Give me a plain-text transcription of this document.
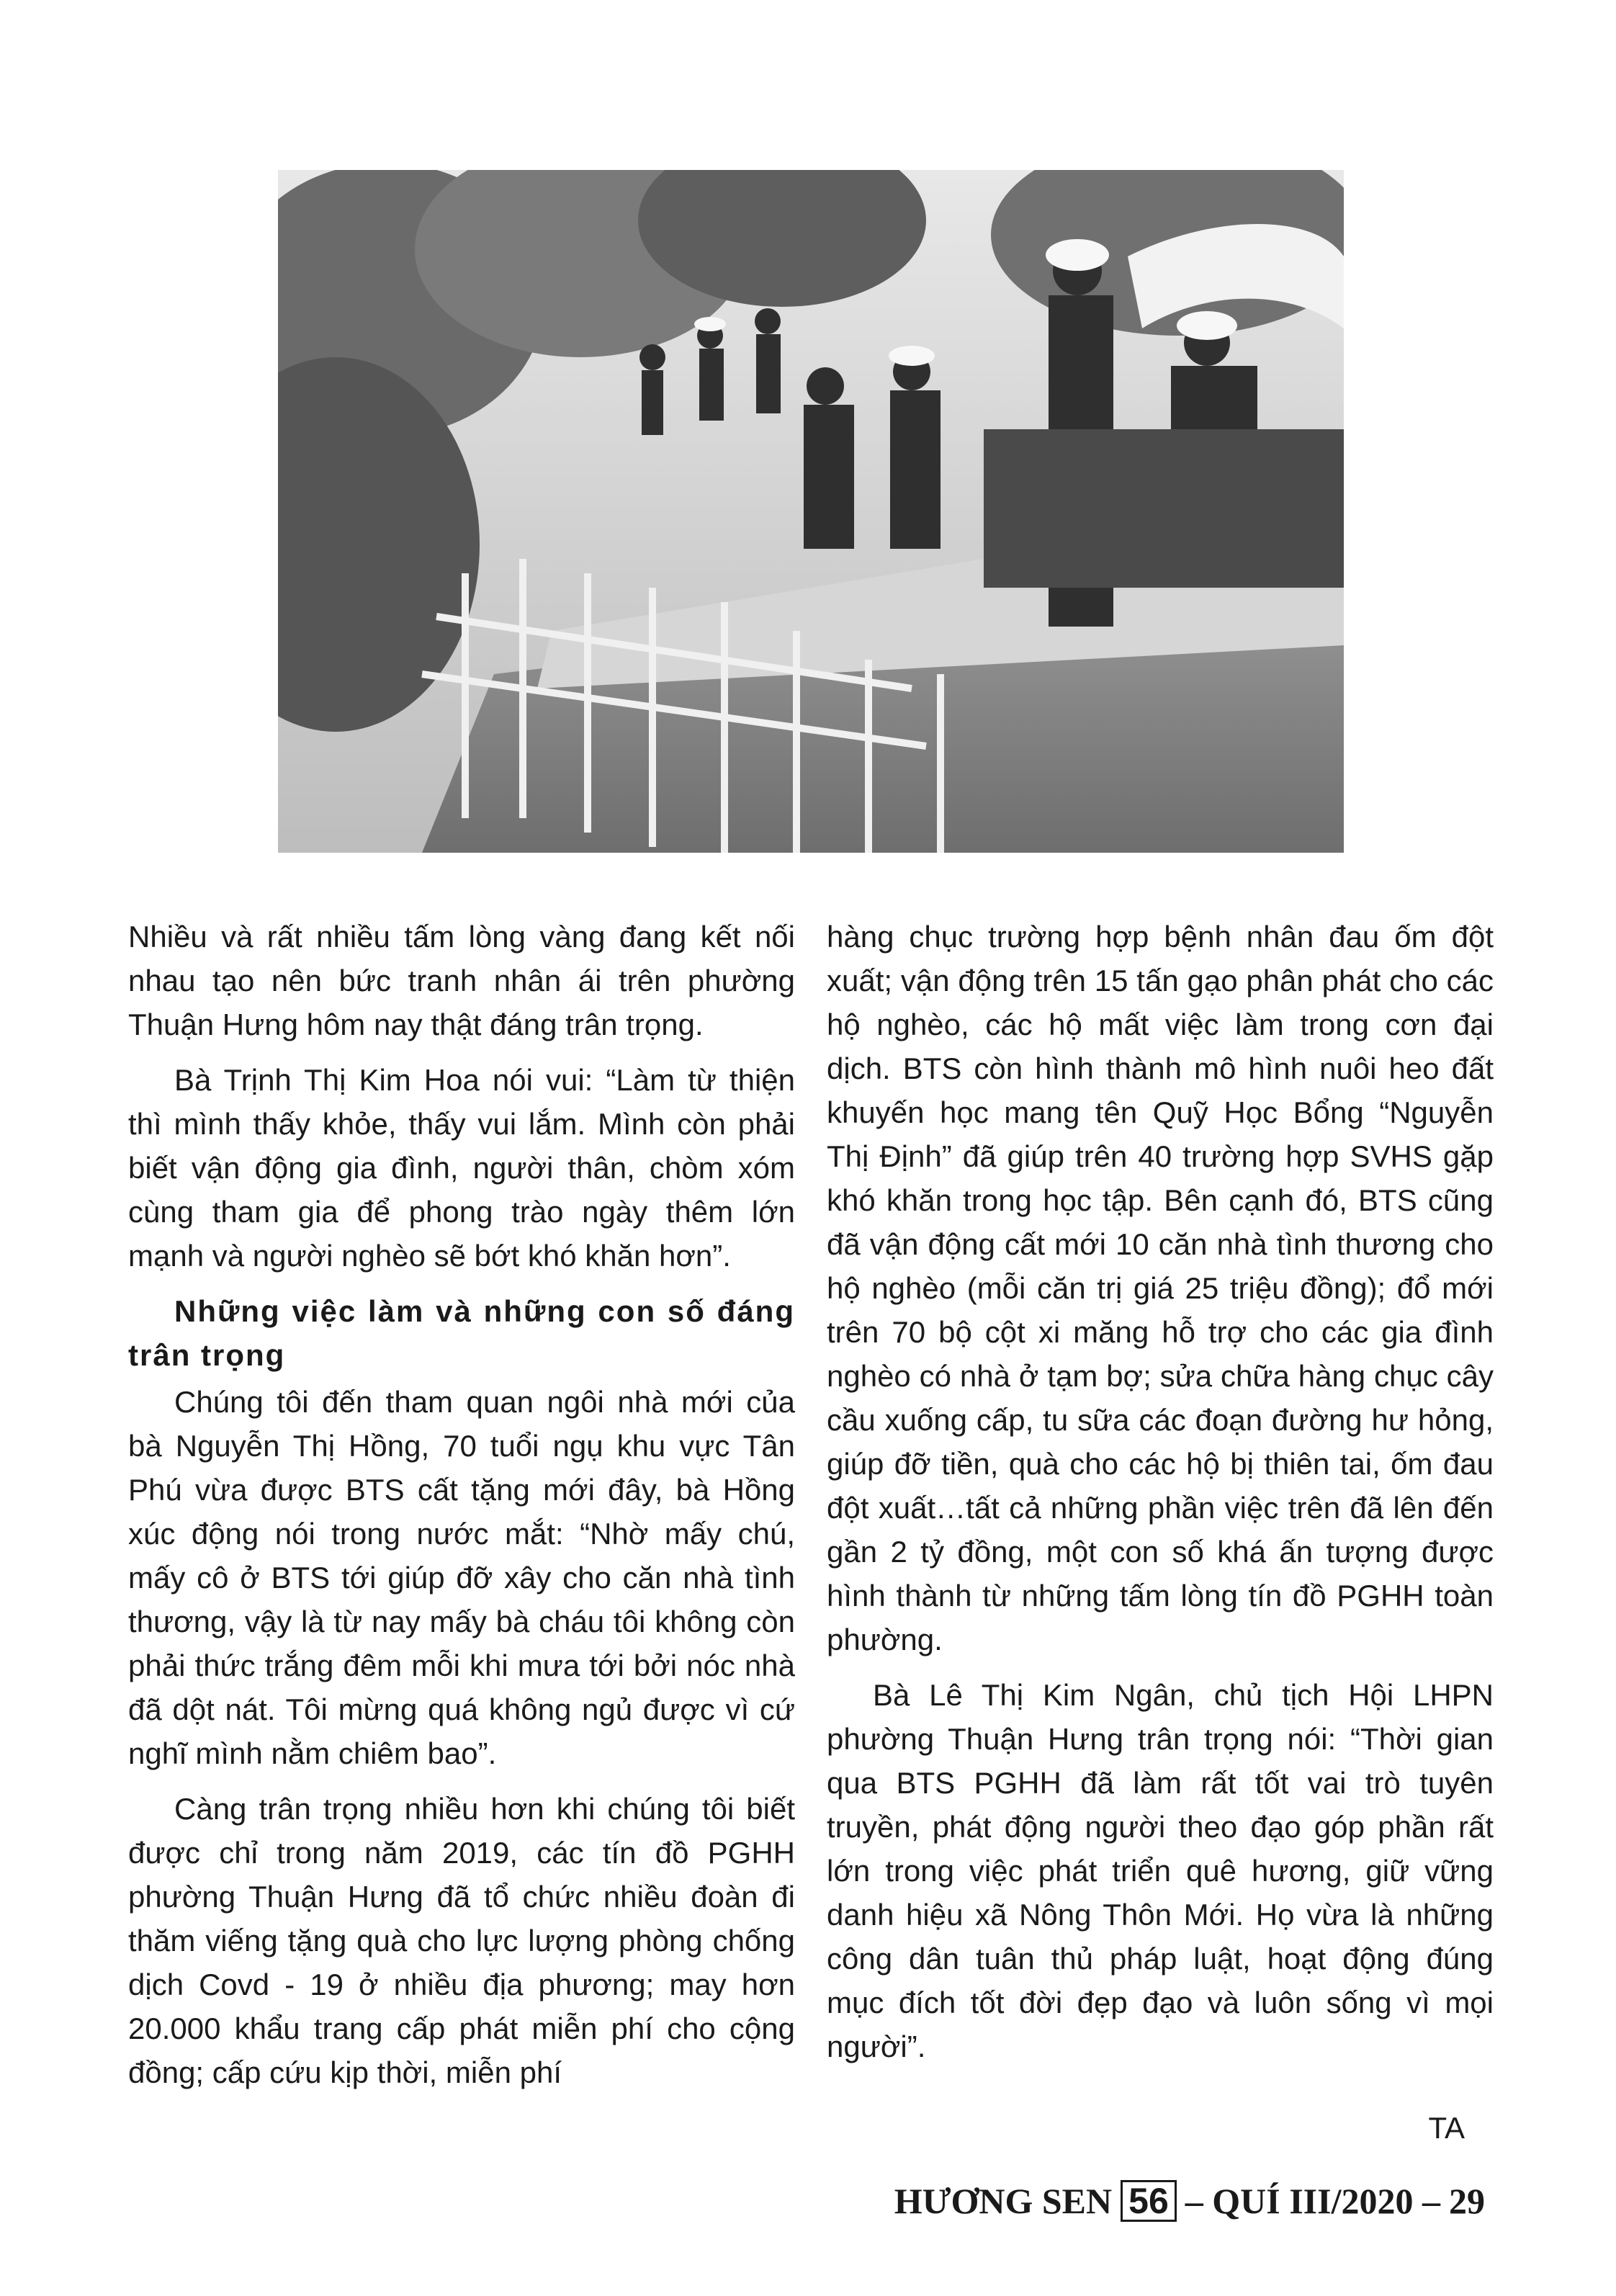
Nhiều và rất nhiều tấm lòng vàng đang kết nối nhau tạo nên bức tranh nhân ái trên phường Thuận Hưng hôm nay thật đáng trân trọng.

Bà Trịnh Thị Kim Hoa nói vui: “Làm từ thiện thì mình thấy khỏe, thấy vui lắm. Mình còn phải biết vận động gia đình, người thân, chòm xóm cùng tham gia để phong trào ngày thêm lớn mạnh và người nghèo sẽ bớt khó khăn hơn”.

Những việc làm và những con số đáng trân trọng

Chúng tôi đến tham quan ngôi nhà mới của bà Nguyễn Thị Hồng, 70 tuổi ngụ khu vực Tân Phú vừa được BTS cất tặng mới đây, bà Hồng xúc động nói trong nước mắt: “Nhờ mấy chú, mấy cô ở BTS tới giúp đỡ xây cho căn nhà tình thương, vậy là từ nay mấy bà cháu tôi không còn phải thức trắng đêm mỗi khi mưa tới bởi nóc nhà đã dột nát. Tôi mừng quá không ngủ được vì cứ nghĩ mình nằm chiêm bao”.

Càng trân trọng nhiều hơn khi chúng tôi biết được chỉ trong năm 2019, các tín đồ PGHH phường Thuận Hưng đã tổ chức nhiều đoàn đi thăm viếng tặng quà cho lực lượng phòng chống dịch Covd - 19 ở nhiều địa phương; may hơn 20.000 khẩu trang cấp phát miễn phí cho cộng đồng; cấp cứu kịp thời, miễn phí

hàng chục trường hợp bệnh nhân đau ốm đột xuất; vận động trên 15 tấn gạo phân phát cho các hộ nghèo, các hộ mất việc làm trong cơn đại dịch. BTS còn hình thành mô hình nuôi heo đất khuyến học mang tên Quỹ Học Bổng “Nguyễn Thị Định” đã giúp trên 40 trường hợp SVHS gặp khó khăn trong học tập. Bên cạnh đó, BTS cũng đã vận động cất mới 10 căn nhà tình thương cho hộ nghèo (mỗi căn trị giá 25 triệu đồng); đổ mới trên 70 bộ cột xi măng hỗ trợ cho các gia đình nghèo có nhà ở tạm bợ; sửa chữa hàng chục cây cầu xuống cấp, tu sữa các đoạn đường hư hỏng, giúp đỡ tiền, quà cho các hộ bị thiên tai, ốm đau đột xuất…tất cả những phần việc trên đã lên đến gần 2 tỷ đồng, một con số khá ấn tượng được hình thành từ những tấm lòng tín đồ PGHH toàn phường.

Bà Lê Thị Kim Ngân, chủ tịch Hội LHPN phường Thuận Hưng trân trọng nói: “Thời gian qua BTS PGHH đã làm rất tốt vai trò tuyên truyền, phát động người theo đạo góp phần rất lớn trong việc phát triển quê hương, giữ vững danh hiệu xã Nông Thôn Mới. Họ vừa là những công dân tuân thủ pháp luật, hoạt động đúng mục đích tốt đời đẹp đạo và luôn sống vì mọi người”.

TA
HƯƠNG SEN 56 – QUÍ III/2020 – 29
